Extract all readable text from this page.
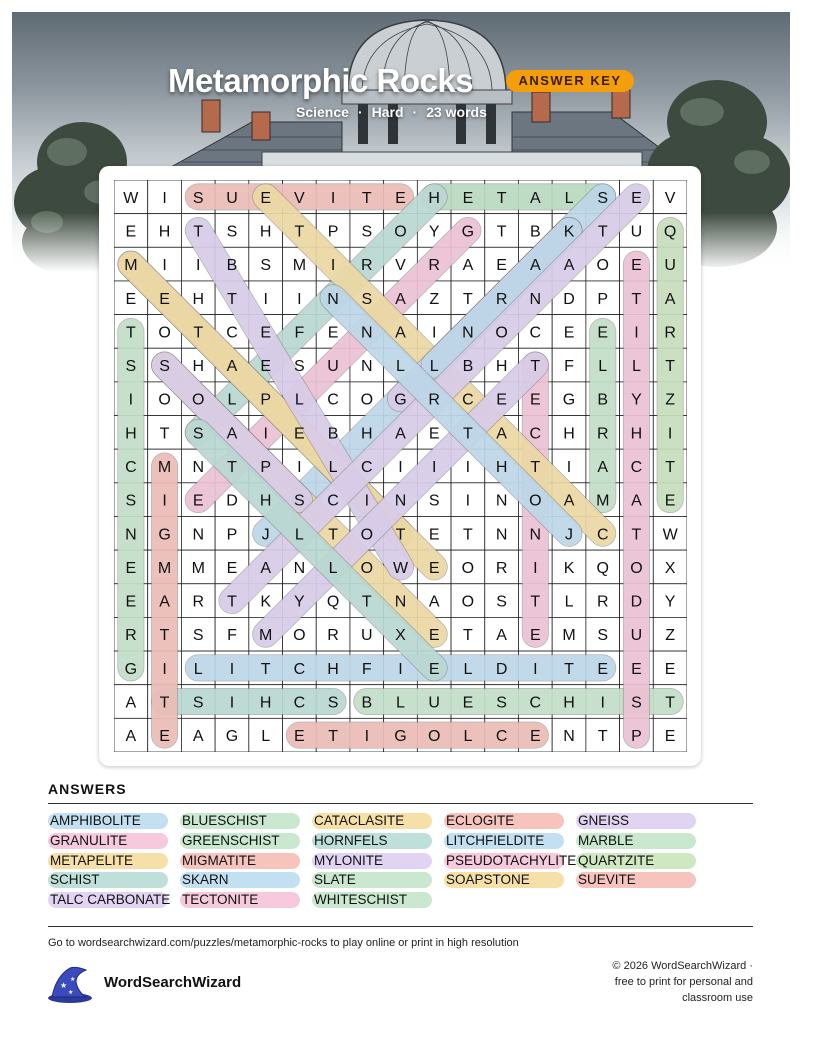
Metamorphic Rocks	ANSWER KEY
Science · Hard · 23 words
W I S U E V I T E H E T A L S E V
E H T S H T P S O Y G T B K T U Q
M I I B S M I R V R A E A A O E U
E E H T I I N S A Z T R N D P T A
T O T C E F E N A I N O C E E I R
S S H A E S U N L L B H T F L L T
I O O L P L C O G R C E E G B Y Z
H T S A I E B H A E T A C H R H I
C M N T P I L C I I I H T I A C T
S I E D H S C I N S I N O A M A E
N G N P J L T O T E T N N J C T W
E M M E A N L O W E O R I K Q O X
E A R T K Y Q T N A O S T L R D Y
R T S F M O R U X E T A E M S U Z
G I L I T C H F I E L D I T E E E
A T S I H C S B L U E S C H I S T
A E A G L E T I G O L C E N T P E
ANSWERS
AMPHIBOLITE
GRANULITE
METAPELITE
SCHIST
TALC CARBONATE
BLUESCHIST
GREENSCHIST
MIGMATITE
SKARN
TECTONITE
CATACLASITE
HORNFELS
MYLONITE
SLATE
WHITESCHIST
ECLOGITE
LITCHFIELDITE
PSEUDOTACHYLITE
SOAPSTONE
GNEISS
MARBLE
QUARTZITE
SUEVITE
Go to wordsearchwizard.com/puzzles/metamorphic-rocks to play online or print in high resolution
★
★
★
WordSearchWizard
© 2026 WordSearchWizard ·
free to print for personal and
classroom use
